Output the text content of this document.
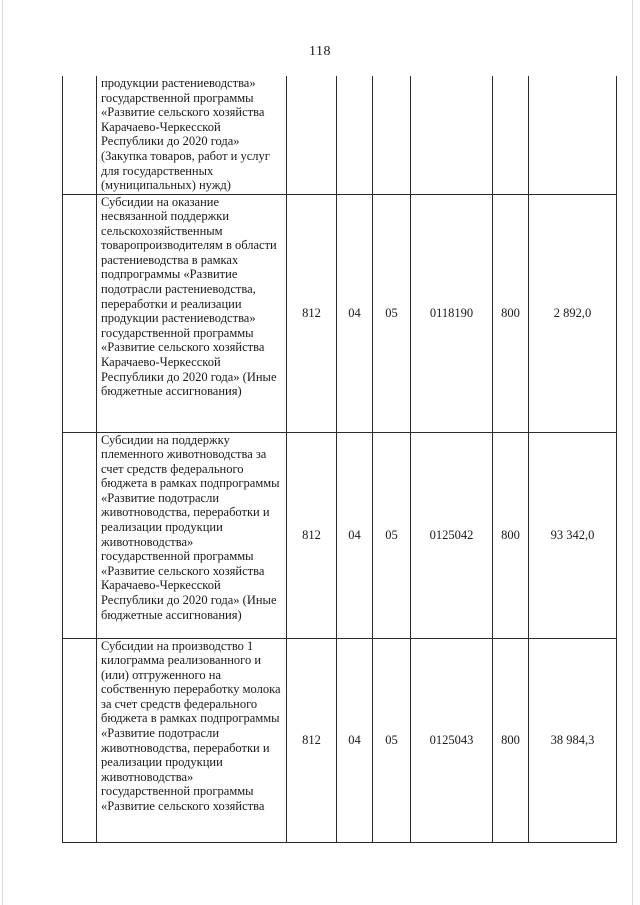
118
	продукции растениеводства» государственной программы «Развитие сельского хозяйства Карачаево-Черкесской Республики до 2020 года» (Закупка товаров, работ и услуг для государственных (муниципальных) нужд)						
	Субсидии на оказание несвязанной поддержки сельскохозяйственным товаропроизводителям в области растениеводства в рамках подпрограммы «Развитие подотрасли растениеводства, переработки и реализации продукции растениеводства» государственной программы «Развитие сельского хозяйства Карачаево-Черкесской Республики до 2020 года» (Иные бюджетные ассигнования)	812	04	05	0118190	800	2 892,0
	Субсидии на поддержку племенного животноводства за счет средств федерального бюджета в рамках подпрограммы «Развитие подотрасли животноводства, переработки и реализации продукции животноводства» государственной программы «Развитие сельского хозяйства Карачаево-Черкесской Республики до 2020 года» (Иные бюджетные ассигнования)	812	04	05	0125042	800	93 342,0
	Субсидии на производство 1 килограмма реализованного и (или) отгруженного на собственную переработку молока за счет средств федерального бюджета в рамках подпрограммы «Развитие подотрасли животноводства, переработки и реализации продукции животноводства» государственной программы «Развитие сельского хозяйства	812	04	05	0125043	800	38 984,3
